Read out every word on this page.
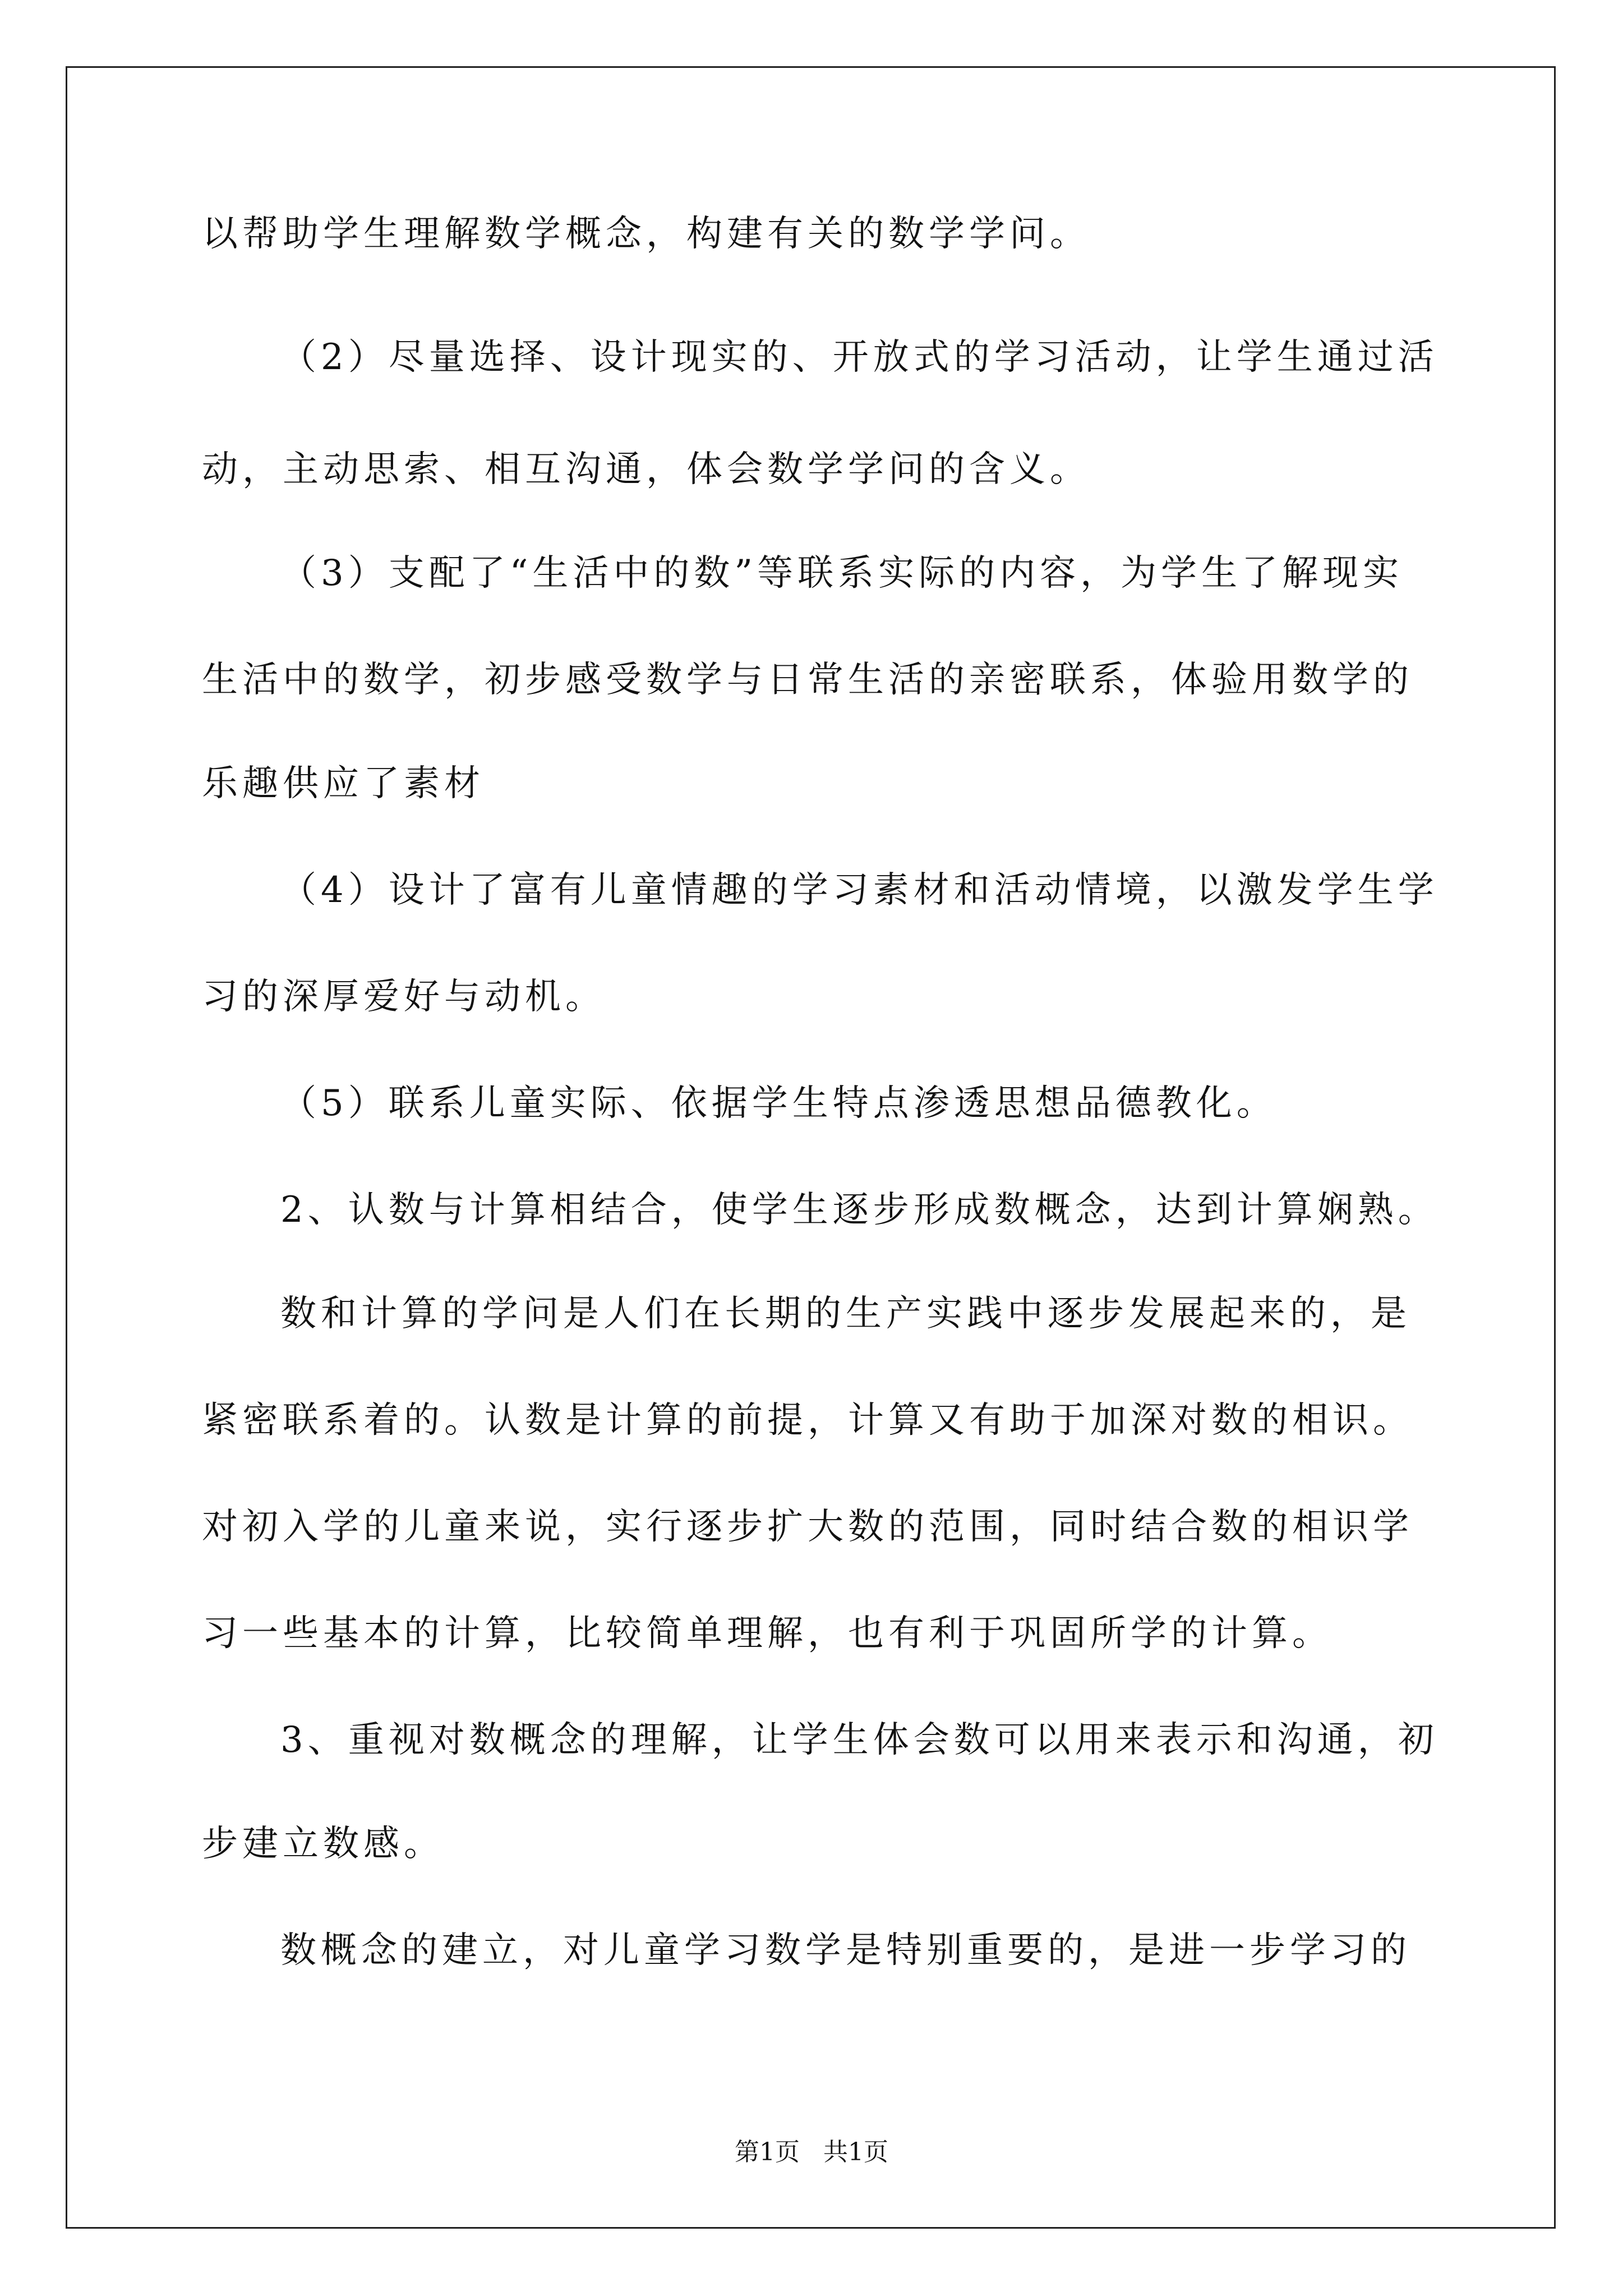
以帮助学生理解数学概念，构建有关的数学学问。
（2）尽量选择、设计现实的、开放式的学习活动，让学生通过活
动，主动思索、相互沟通，体会数学学问的含义。
（3）支配了“生活中的数”等联系实际的内容，为学生了解现实
生活中的数学，初步感受数学与日常生活的亲密联系，体验用数学的
乐趣供应了素材
（4）设计了富有儿童情趣的学习素材和活动情境，以激发学生学
习的深厚爱好与动机。
（5）联系儿童实际、依据学生特点渗透思想品德教化。
2、认数与计算相结合，使学生逐步形成数概念，达到计算娴熟。
数和计算的学问是人们在长期的生产实践中逐步发展起来的，是
紧密联系着的。认数是计算的前提，计算又有助于加深对数的相识。
对初入学的儿童来说，实行逐步扩大数的范围，同时结合数的相识学
习一些基本的计算，比较简单理解，也有利于巩固所学的计算。
3、重视对数概念的理解，让学生体会数可以用来表示和沟通，初
步建立数感。
数概念的建立，对儿童学习数学是特别重要的，是进一步学习的
第1页   共1页
